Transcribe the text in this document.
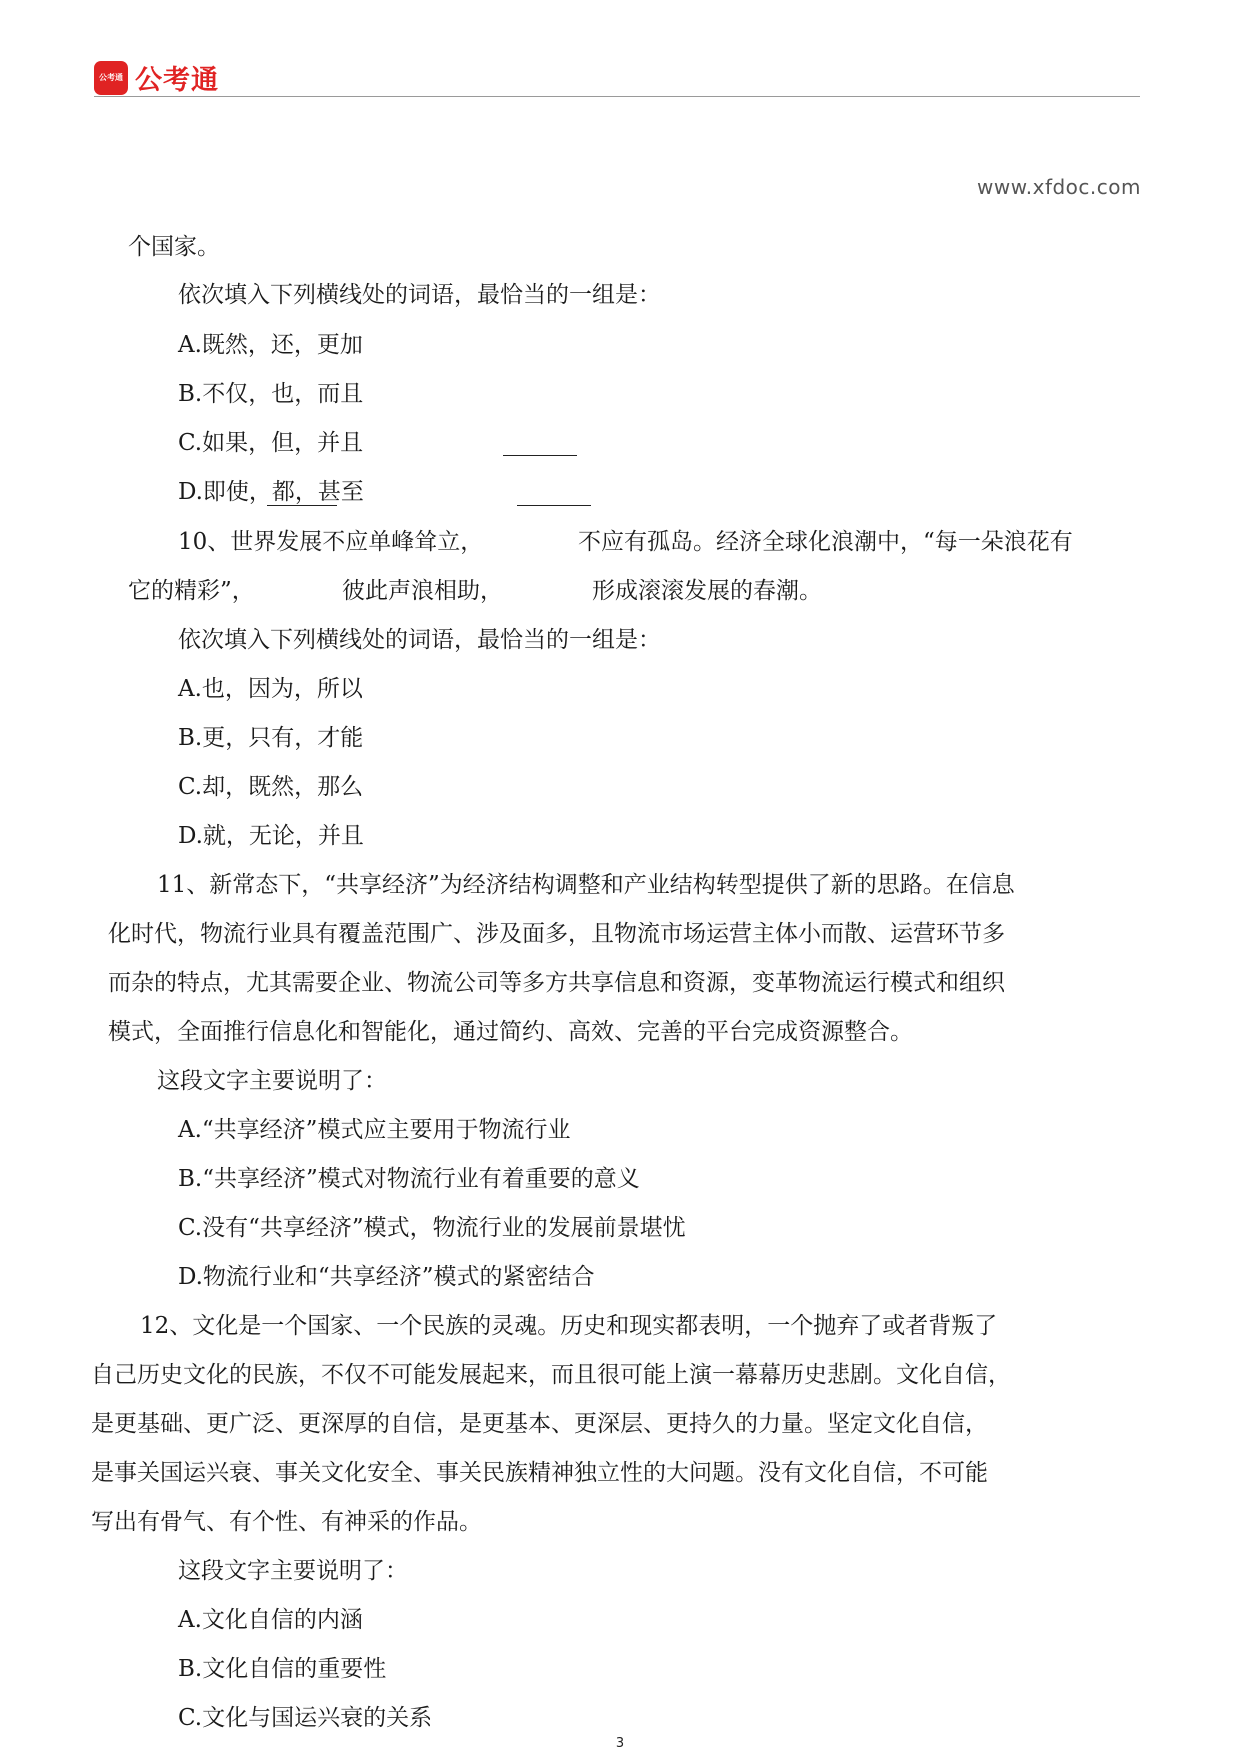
公考通 公考通
www.xfdoc.com
个国家。
依次填入下列横线处的词语，最恰当的一组是：
A.既然，还，更加
B.不仅，也，而且
C.如果，但，并且
D.即使，都，甚至
10、世界发展不应单峰耸立，	不应有孤岛。经济全球化浪潮中，“每一朵浪花有
它的精彩”，	彼此声浪相助，	形成滚滚发展的春潮。
依次填入下列横线处的词语，最恰当的一组是：
A.也，因为，所以
B.更，只有，才能
C.却，既然，那么
D.就，无论，并且
11、新常态下，“共享经济”为经济结构调整和产业结构转型提供了新的思路。在信息
化时代，物流行业具有覆盖范围广、涉及面多，且物流市场运营主体小而散、运营环节多
而杂的特点，尤其需要企业、物流公司等多方共享信息和资源，变革物流运行模式和组织
模式，全面推行信息化和智能化，通过简约、高效、完善的平台完成资源整合。
这段文字主要说明了：
A.“共享经济”模式应主要用于物流行业
B.“共享经济”模式对物流行业有着重要的意义
C.没有“共享经济”模式，物流行业的发展前景堪忧
D.物流行业和“共享经济”模式的紧密结合
12、文化是一个国家、一个民族的灵魂。历史和现实都表明，一个抛弃了或者背叛了
自己历史文化的民族，不仅不可能发展起来，而且很可能上演一幕幕历史悲剧。文化自信，
是更基础、更广泛、更深厚的自信，是更基本、更深层、更持久的力量。坚定文化自信，
是事关国运兴衰、事关文化安全、事关民族精神独立性的大问题。没有文化自信，不可能
写出有骨气、有个性、有神采的作品。
这段文字主要说明了：
A.文化自信的内涵
B.文化自信的重要性
C.文化与国运兴衰的关系
3
